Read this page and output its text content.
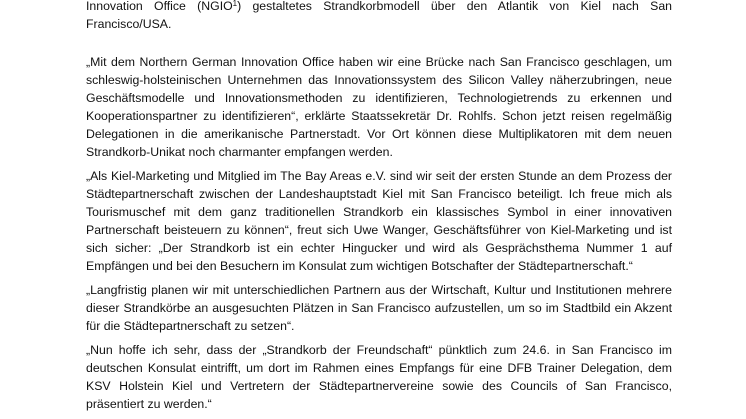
Innovation Office (NGIO$^1$) gestaltetes Strandkorbmodell über den Atlantik von Kiel nach San Francisco/USA.

„Mit dem Northern German Innovation Office haben wir eine Brücke nach San Francisco geschlagen, um schleswig-holsteinischen Unternehmen das Innovationssystem des Silicon Valley näherzubringen, neue Geschäftsmodelle und Innovationsmethoden zu identifizieren, Technologietrends zu erkennen und Kooperationspartner zu identifizieren“, erklärte Staatssekretär Dr. Rohlfs. Schon jetzt reisen regelmäßig Delegationen in die amerikanische Partnerstadt. Vor Ort können diese Multiplikatoren mit dem neuen Strandkorb-Unikat noch charmanter empfangen werden.

„Als Kiel-Marketing und Mitglied im The Bay Areas e.V. sind wir seit der ersten Stunde an dem Prozess der Städtepartnerschaft zwischen der Landeshauptstadt Kiel mit San Francisco beteiligt. Ich freue mich als Tourismuschef mit dem ganz traditionellen Strandkorb ein klassisches Symbol in einer innovativen Partnerschaft beisteuern zu können“, freut sich Uwe Wanger, Geschäftsführer von Kiel-Marketing und ist sich sicher: „Der Strandkorb ist ein echter Hingucker und wird als Gesprächsthema Nummer 1 auf Empfängen und bei den Besuchern im Konsulat zum wichtigen Botschafter der Städtepartnerschaft.“

„Langfristig planen wir mit unterschiedlichen Partnern aus der Wirtschaft, Kultur und Institutionen mehrere dieser Strandkörbe an ausgesuchten Plätzen in San Francisco aufzustellen, um so im Stadtbild ein Akzent für die Städtepartnerschaft zu setzen“.

„Nun hoffe ich sehr, dass der „Strandkorb der Freundschaft“ pünktlich zum 24.6. in San Francisco im deutschen Konsulat eintrifft, um dort im Rahmen eines Empfangs für eine DFB Trainer Delegation, dem KSV Holstein Kiel und Vertretern der Städtepartnervereine sowie des Councils of San Francisco, präsentiert zu werden.“
